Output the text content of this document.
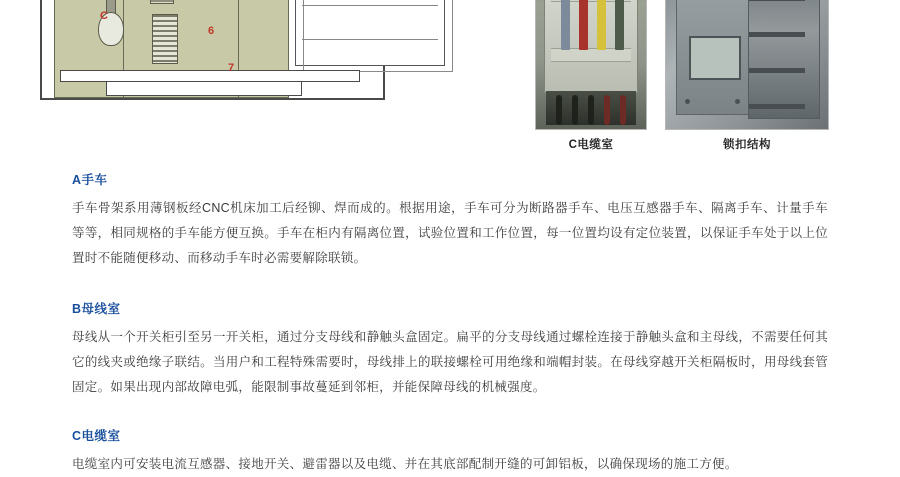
C
6
7
C电缆室	锁扣结构
A手车

手车骨架系用薄钢板经CNC机床加工后经铆、焊而成的。根据用途，手车可分为断路器手车、电压互感器手车、隔离手车、计量手车等等，相同规格的手车能方便互换。手车在柜内有隔离位置，试验位置和工作位置，每一位置均设有定位装置，以保证手车处于以上位置时不能随便移动、而移动手车时必需要解除联锁。

B母线室

母线从一个开关柜引至另一开关柜，通过分支母线和静触头盒固定。扁平的分支母线通过螺栓连接于静触头盒和主母线，不需要任何其它的线夹或绝缘子联结。当用户和工程特殊需要时，母线排上的联接螺栓可用绝缘和端帽封装。在母线穿越开关柜隔板时，用母线套管固定。如果出现内部故障电弧，能限制事故蔓延到邻柜，并能保障母线的机械强度。

C电缆室

电缆室内可安装电流互感器、接地开关、避雷器以及电缆、并在其底部配制开缝的可卸铝板，以确保现场的施工方便。
